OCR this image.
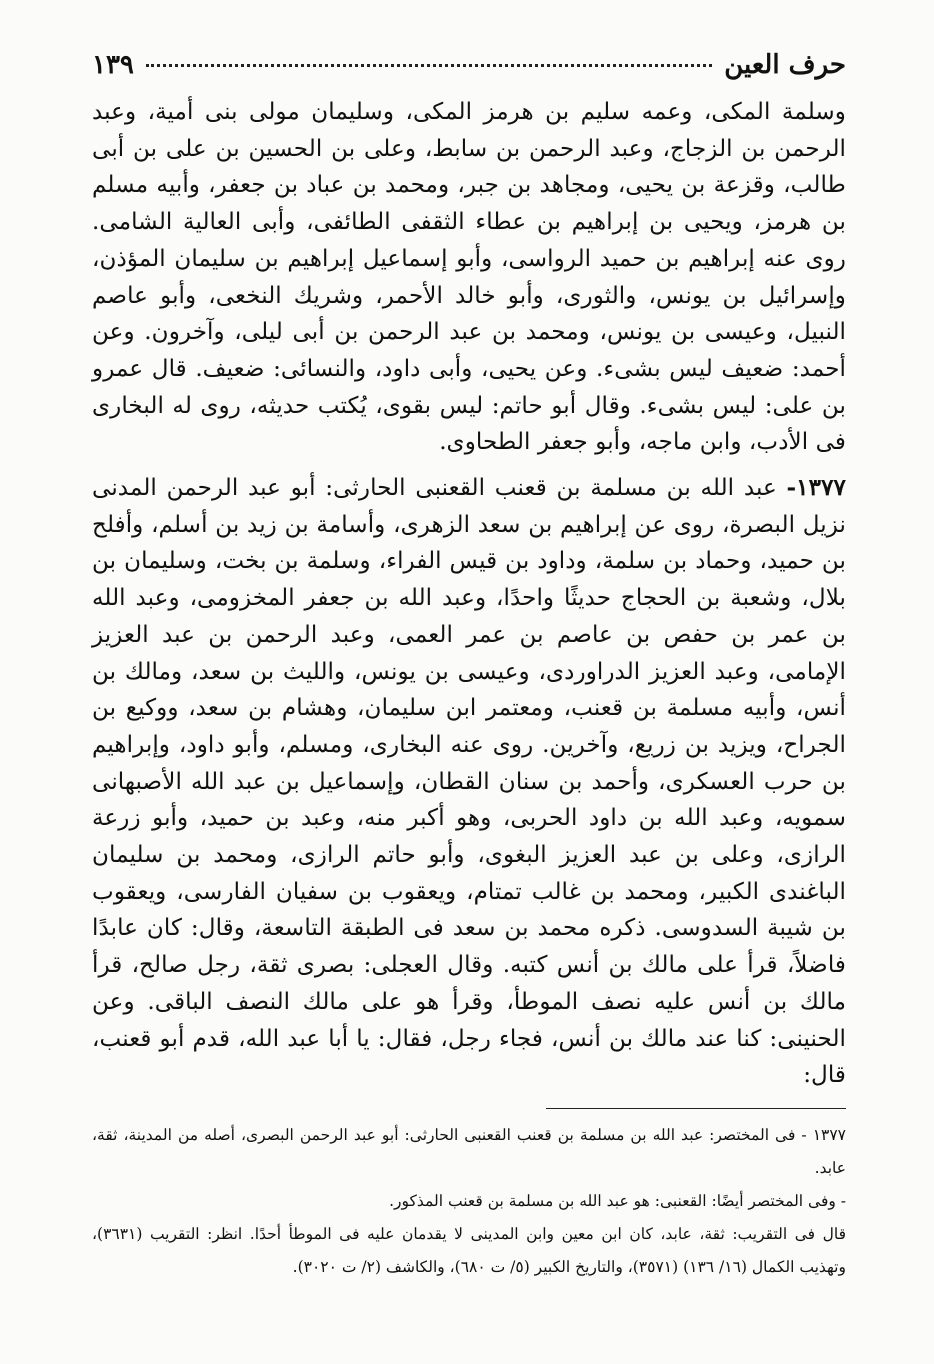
حرف العين
١٣٩

وسلمة المكى، وعمه سليم بن هرمز المكى، وسليمان مولى بنى أمية، وعبد الرحمن بن الزجاج، وعبد الرحمن بن سابط، وعلى بن الحسين بن على بن أبى طالب، وقزعة بن يحيى، ومجاهد بن جبر، ومحمد بن عباد بن جعفر، وأبيه مسلم بن هرمز، ويحيى بن إبراهيم بن عطاء الثقفى الطائفى، وأبى العالية الشامى. روى عنه إبراهيم بن حميد الرواسى، وأبو إسماعيل إبراهيم بن سليمان المؤذن، وإسرائيل بن يونس، والثورى، وأبو خالد الأحمر، وشريك النخعى، وأبو عاصم النبيل، وعيسى بن يونس، ومحمد بن عبد الرحمن بن أبى ليلى، وآخرون. وعن أحمد: ضعيف ليس بشىء. وعن يحيى، وأبى داود، والنسائى: ضعيف. قال عمرو بن على: ليس بشىء. وقال أبو حاتم: ليس بقوى، يُكتب حديثه، روى له البخارى فى الأدب، وابن ماجه، وأبو جعفر الطحاوى.

١٣٧٧- عبد الله بن مسلمة بن قعنب القعنبى الحارثى: أبو عبد الرحمن المدنى نزيل البصرة، روى عن إبراهيم بن سعد الزهرى، وأسامة بن زيد بن أسلم، وأفلح بن حميد، وحماد بن سلمة، وداود بن قيس الفراء، وسلمة بن بخت، وسليمان بن بلال، وشعبة بن الحجاج حديثًا واحدًا، وعبد الله بن جعفر المخزومى، وعبد الله بن عمر بن حفص بن عاصم بن عمر العمى، وعبد الرحمن بن عبد العزيز الإمامى، وعبد العزيز الدراوردى، وعيسى بن يونس، والليث بن سعد، ومالك بن أنس، وأبيه مسلمة بن قعنب، ومعتمر ابن سليمان، وهشام بن سعد، ووكيع بن الجراح، ويزيد بن زريع، وآخرين. روى عنه البخارى، ومسلم، وأبو داود، وإبراهيم بن حرب العسكرى، وأحمد بن سنان القطان، وإسماعيل بن عبد الله الأصبهانى سمويه، وعبد الله بن داود الحربى، وهو أكبر منه، وعبد بن حميد، وأبو زرعة الرازى، وعلى بن عبد العزيز البغوى، وأبو حاتم الرازى، ومحمد بن سليمان الباغندى الكبير، ومحمد بن غالب تمتام، ويعقوب بن سفيان الفارسى، ويعقوب بن شيبة السدوسى. ذكره محمد بن سعد فى الطبقة التاسعة، وقال: كان عابدًا فاضلاً، قرأ على مالك بن أنس كتبه. وقال العجلى: بصرى ثقة، رجل صالح، قرأ مالك بن أنس عليه نصف الموطأ، وقرأ هو على مالك النصف الباقى. وعن الحنينى: كنا عند مالك بن أنس، فجاء رجل، فقال: يا أبا عبد الله، قدم أبو قعنب، قال:

١٣٧٧ - فى المختصر: عبد الله بن مسلمة بن قعنب القعنبى الحارثى: أبو عبد الرحمن البصرى، أصله من المدينة، ثقة، عابد.

- وفى المختصر أيضًا: القعنبى: هو عبد الله بن مسلمة بن قعنب المذكور.

قال فى التقريب: ثقة، عابد، كان ابن معين وابن المدينى لا يقدمان عليه فى الموطأ أحدًا. انظر: التقريب (٣٦٣١)، وتهذيب الكمال (١٦/ ١٣٦) (٣٥٧١)، والتاريخ الكبير (٥/ ت ٦٨٠)، والكاشف (٢/ ت ٣٠٢٠).
